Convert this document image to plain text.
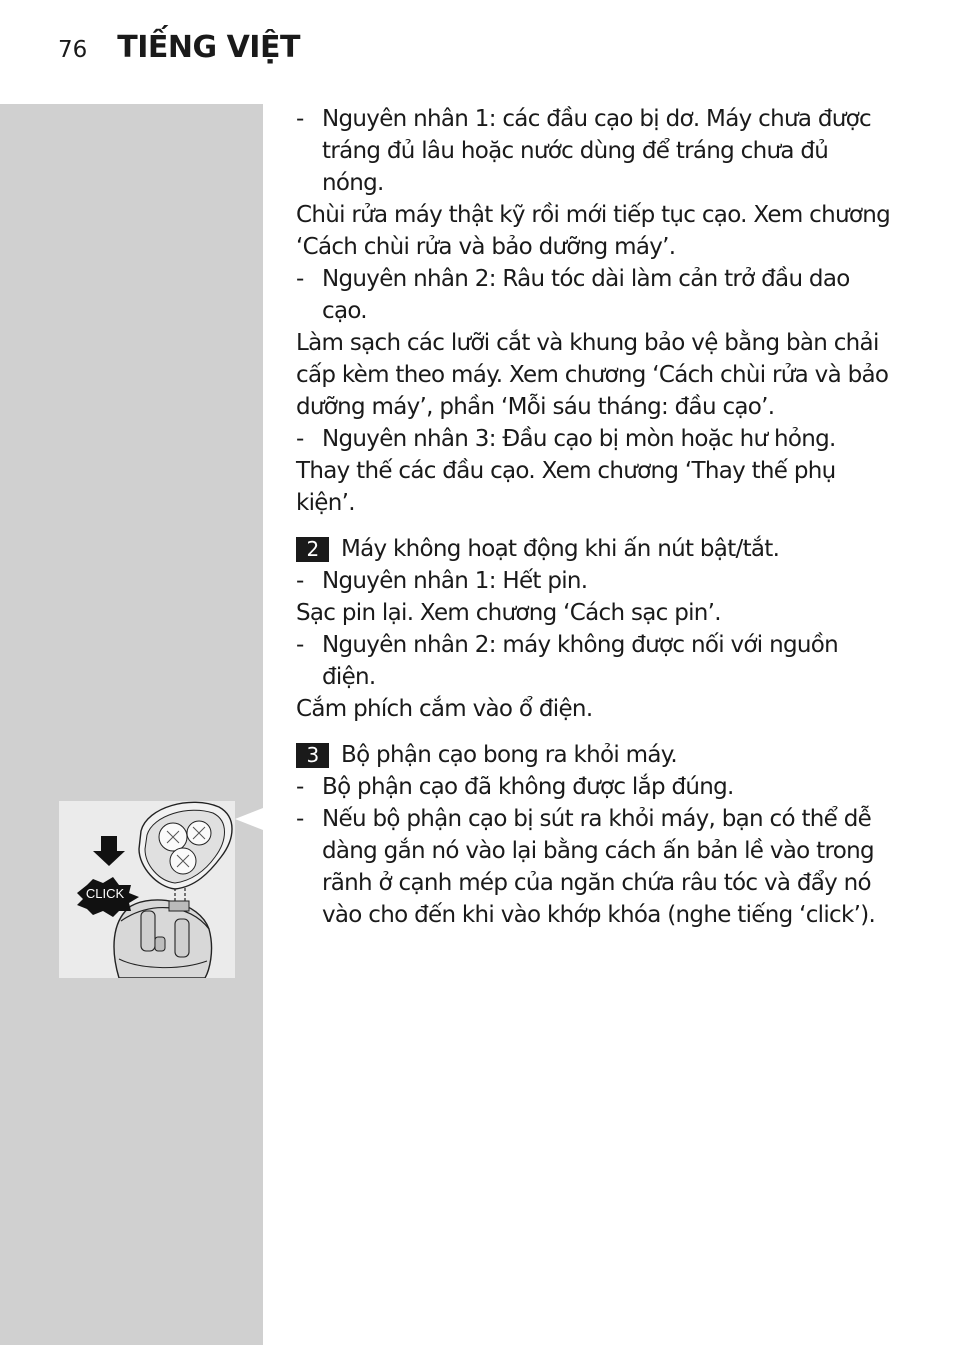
76 TIẾNG VIỆT
CLICK

- Nguyên nhân 1: các đầu cạo bị dơ. Máy chưa được tráng đủ lâu hoặc nước dùng để tráng chưa đủ nóng.

Chùi rửa máy thật kỹ rồi mới tiếp tục cạo. Xem chương ‘Cách chùi rửa và bảo dưỡng máy’.

- Nguyên nhân 2: Râu tóc dài làm cản trở đầu dao cạo.

Làm sạch các lưỡi cắt và khung bảo vệ bằng bàn chải cấp kèm theo máy. Xem chương ‘Cách chùi rửa và bảo dưỡng máy’, phần ‘Mỗi sáu tháng: đầu cạo’.

- Nguyên nhân 3: Đầu cạo bị mòn hoặc hư hỏng.

Thay thế các đầu cạo. Xem chương ‘Thay thế phụ kiện’.

2 Máy không hoạt động khi ấn nút bật/tắt.

- Nguyên nhân 1: Hết pin.

Sạc pin lại. Xem chương ‘Cách sạc pin’.

- Nguyên nhân 2: máy không được nối với nguồn điện.

Cắm phích cắm vào ổ điện.

3 Bộ phận cạo bong ra khỏi máy.

- Bộ phận cạo đã không được lắp đúng.

- Nếu bộ phận cạo bị sút ra khỏi máy, bạn có thể dễ dàng gắn nó vào lại bằng cách ấn bản lề vào trong rãnh ở cạnh mép của ngăn chứa râu tóc và đẩy nó vào cho đến khi vào khớp khóa (nghe tiếng ‘click’).
